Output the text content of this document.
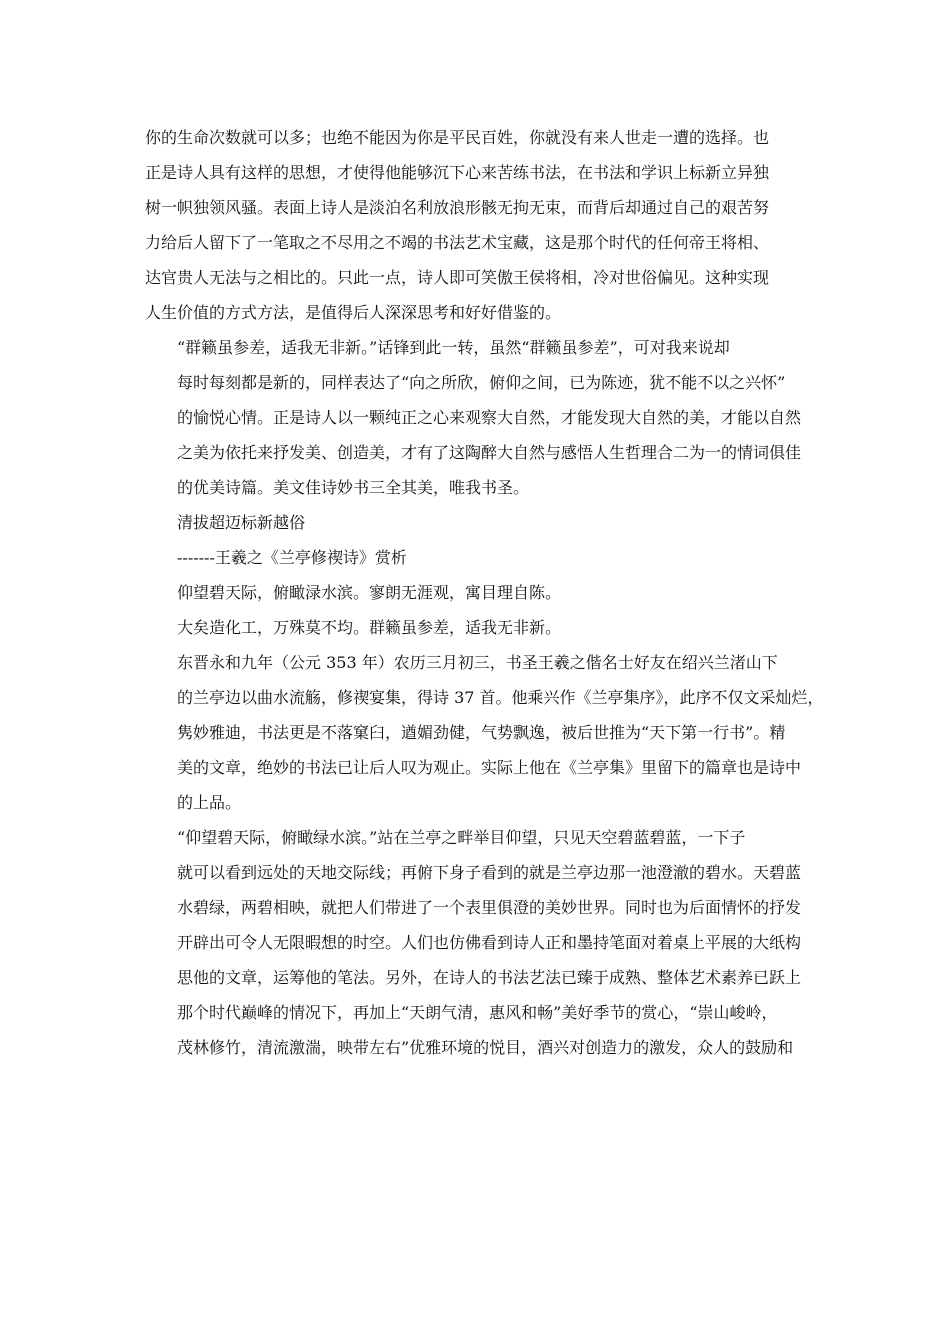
你的生命次数就可以多；也绝不能因为你是平民百姓，你就没有来人世走一遭的选择。也
正是诗人具有这样的思想，才使得他能够沉下心来苦练书法，在书法和学识上标新立异独
树一帜独领风骚。表面上诗人是淡泊名利放浪形骸无拘无束，而背后却通过自己的艰苦努
力给后人留下了一笔取之不尽用之不竭的书法艺术宝藏，这是那个时代的任何帝王将相、
达官贵人无法与之相比的。只此一点，诗人即可笑傲王侯将相，冷对世俗偏见。这种实现
人生价值的方式方法，是值得后人深深思考和好好借鉴的。

“群籁虽参差，适我无非新。”话锋到此一转，虽然“群籁虽参差”，可对我来说却
每时每刻都是新的，同样表达了“向之所欣，俯仰之间，已为陈迹，犹不能不以之兴怀”
的愉悦心情。正是诗人以一颗纯正之心来观察大自然，才能发现大自然的美，才能以自然
之美为依托来抒发美、创造美，才有了这陶醉大自然与感悟人生哲理合二为一的情词俱佳
的优美诗篇。美文佳诗妙书三全其美，唯我书圣。

清拔超迈标新越俗

-------王羲之《兰亭修禊诗》赏析

仰望碧天际，俯瞰渌水滨。寥朗无涯观，寓目理自陈。

大矣造化工，万殊莫不均。群籁虽参差，适我无非新。

东晋永和九年（公元 353 年）农历三月初三，书圣王羲之偕名士好友在绍兴兰渚山下
的兰亭边以曲水流觞，修禊宴集，得诗 37 首。他乘兴作《兰亭集序》，此序不仅文采灿烂，
隽妙雅迪，书法更是不落窠臼，遒媚劲健，气势飘逸，被后世推为“天下第一行书”。精
美的文章，绝妙的书法已让后人叹为观止。实际上他在《兰亭集》里留下的篇章也是诗中
的上品。

“仰望碧天际，俯瞰绿水滨。”站在兰亭之畔举目仰望，只见天空碧蓝碧蓝，一下子
就可以看到远处的天地交际线；再俯下身子看到的就是兰亭边那一池澄澈的碧水。天碧蓝
水碧绿，两碧相映，就把人们带进了一个表里俱澄的美妙世界。同时也为后面情怀的抒发
开辟出可令人无限暇想的时空。人们也仿佛看到诗人正和墨持笔面对着桌上平展的大纸构
思他的文章，运筹他的笔法。另外，在诗人的书法艺法已臻于成熟、整体艺术素养已跃上
那个时代巅峰的情况下，再加上“天朗气清，惠风和畅”美好季节的赏心，“崇山峻岭，
茂林修竹，清流激湍，映带左右”优雅环境的悦目，酒兴对创造力的激发，众人的鼓励和
